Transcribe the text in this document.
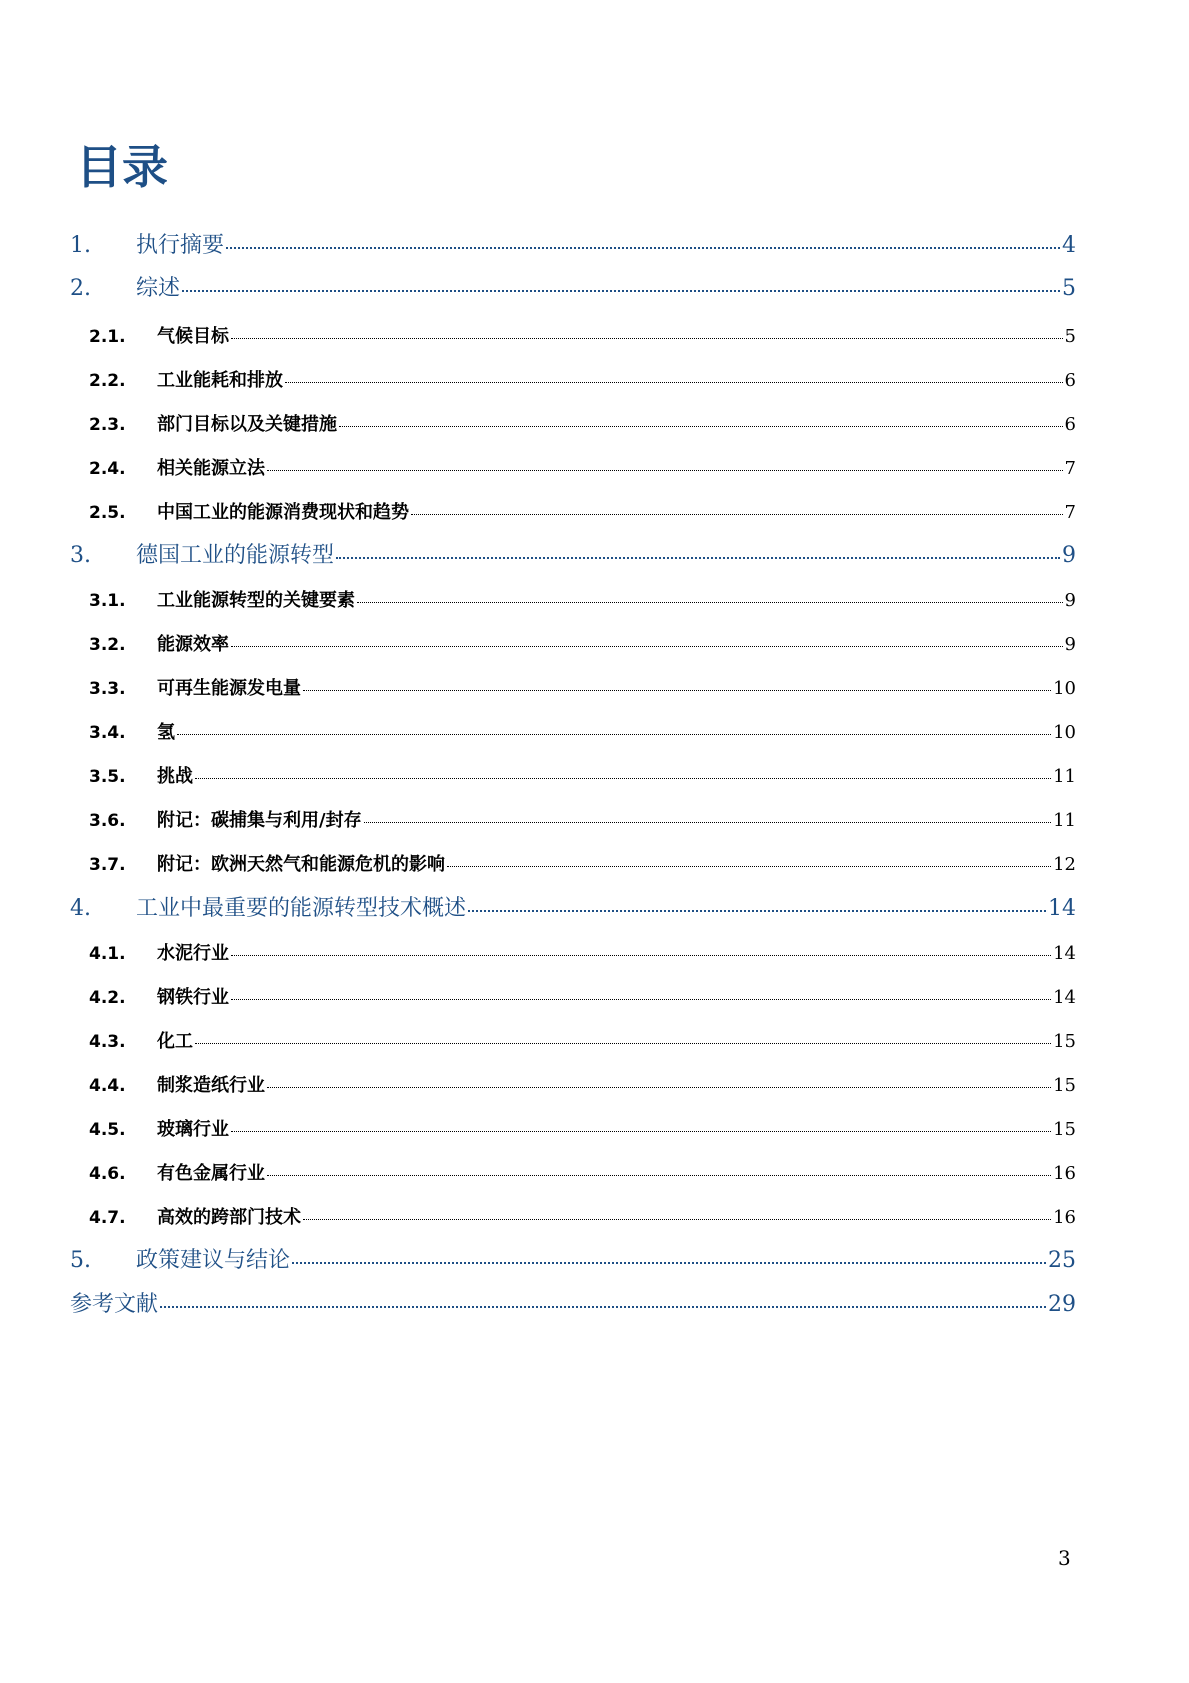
目录
1.	执行摘要	4
2.	综述	5
2.1.	气候目标	5
2.2.	工业能耗和排放	6
2.3.	部门目标以及关键措施	6
2.4.	相关能源立法	7
2.5.	中国工业的能源消费现状和趋势	7
3.	德国工业的能源转型	9
3.1.	工业能源转型的关键要素	9
3.2.	能源效率	9
3.3.	可再生能源发电量	10
3.4.	氢	10
3.5.	挑战	11
3.6.	附记：碳捕集与利用/封存	11
3.7.	附记：欧洲天然气和能源危机的影响	12
4.	工业中最重要的能源转型技术概述	14
4.1.	水泥行业	14
4.2.	钢铁行业	14
4.3.	化工	15
4.4.	制浆造纸行业	15
4.5.	玻璃行业	15
4.6.	有色金属行业	16
4.7.	高效的跨部门技术	16
5.	政策建议与结论	25
参考文献	29
3
